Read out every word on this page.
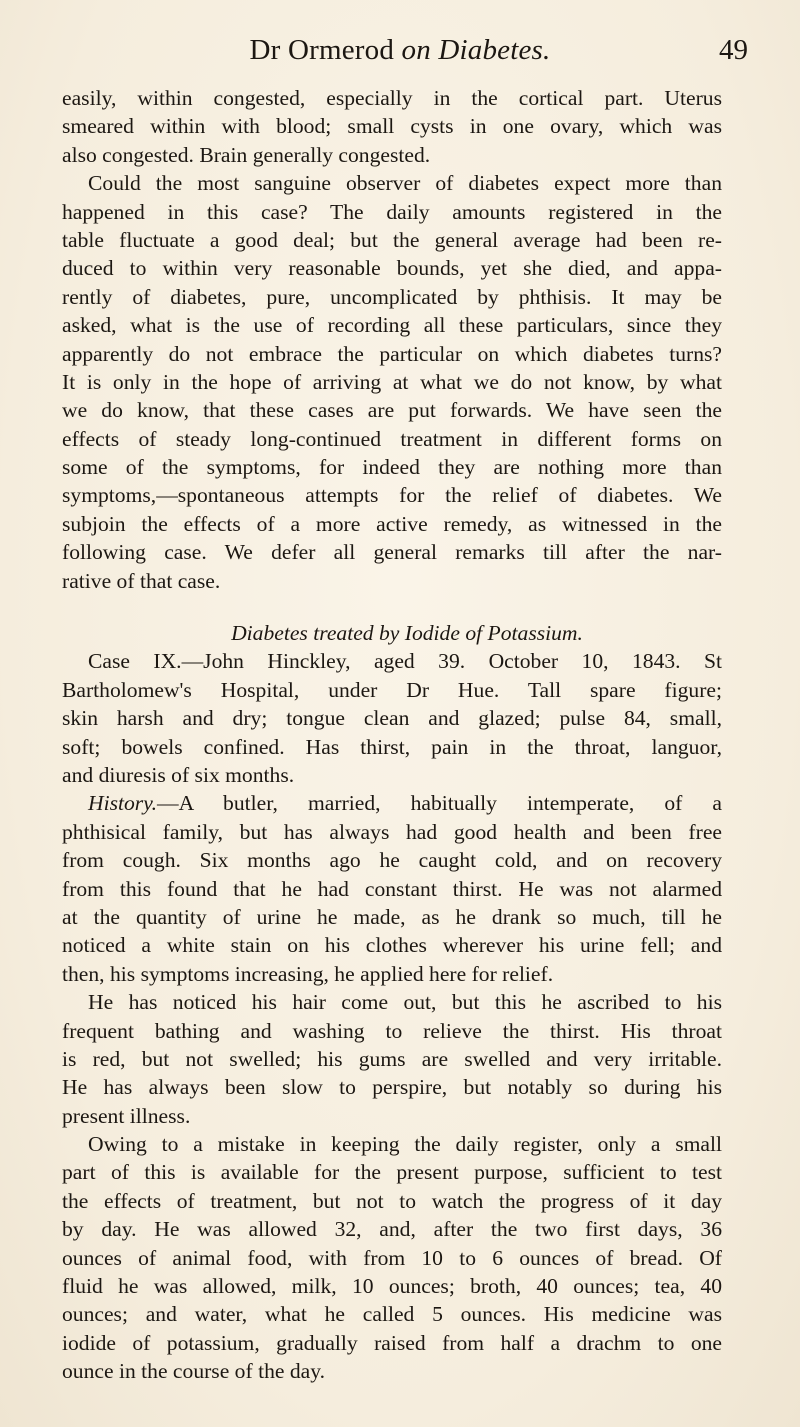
Dr Ormerod on Diabetes.	49
easily, within congested, especially in the cortical part. Uterus
smeared within with blood; small cysts in one ovary, which was
also congested. Brain generally congested.
Could the most sanguine observer of diabetes expect more than
happened in this case? The daily amounts registered in the
table fluctuate a good deal; but the general average had been re-
duced to within very reasonable bounds, yet she died, and appa-
rently of diabetes, pure, uncomplicated by phthisis. It may be
asked, what is the use of recording all these particulars, since they
apparently do not embrace the particular on which diabetes turns?
It is only in the hope of arriving at what we do not know, by what
we do know, that these cases are put forwards. We have seen the
effects of steady long-continued treatment in different forms on
some of the symptoms, for indeed they are nothing more than
symptoms,—spontaneous attempts for the relief of diabetes. We
subjoin the effects of a more active remedy, as witnessed in the
following case. We defer all general remarks till after the nar-
rative of that case.
Diabetes treated by Iodide of Potassium.
Case IX.—John Hinckley, aged 39. October 10, 1843. St
Bartholomew's Hospital, under Dr Hue. Tall spare figure;
skin harsh and dry; tongue clean and glazed; pulse 84, small,
soft; bowels confined. Has thirst, pain in the throat, languor,
and diuresis of six months.
History.—A butler, married, habitually intemperate, of a
phthisical family, but has always had good health and been free
from cough. Six months ago he caught cold, and on recovery
from this found that he had constant thirst. He was not alarmed
at the quantity of urine he made, as he drank so much, till he
noticed a white stain on his clothes wherever his urine fell; and
then, his symptoms increasing, he applied here for relief.
He has noticed his hair come out, but this he ascribed to his
frequent bathing and washing to relieve the thirst. His throat
is red, but not swelled; his gums are swelled and very irritable.
He has always been slow to perspire, but notably so during his
present illness.
Owing to a mistake in keeping the daily register, only a small
part of this is available for the present purpose, sufficient to test
the effects of treatment, but not to watch the progress of it day
by day. He was allowed 32, and, after the two first days, 36
ounces of animal food, with from 10 to 6 ounces of bread. Of
fluid he was allowed, milk, 10 ounces; broth, 40 ounces; tea, 40
ounces; and water, what he called 5 ounces. His medicine was
iodide of potassium, gradually raised from half a drachm to one
ounce in the course of the day.
